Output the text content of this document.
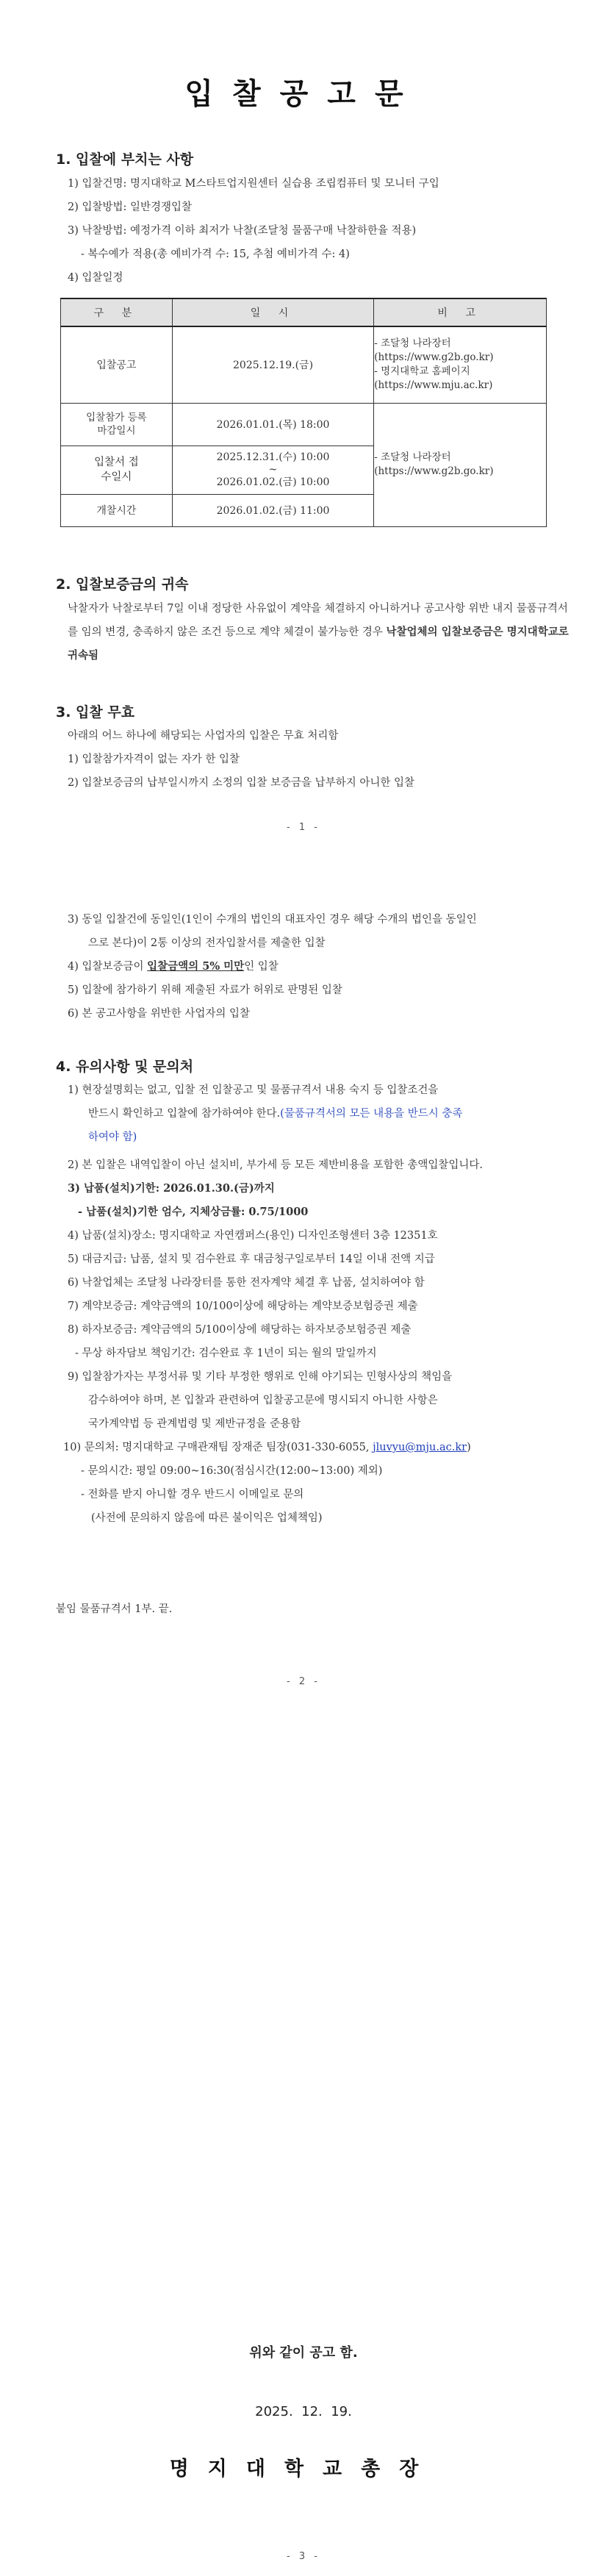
입찰공고문
1. 입찰에 부치는 사항
1) 입찰건명: 명지대학교 M스타트업지원센터 실습용 조립컴퓨터 및 모니터 구입
2) 입찰방법: 일반경쟁입찰
3) 낙찰방법: 예정가격 이하 최저가 낙찰(조달청 물품구매 낙찰하한율 적용)
- 복수예가 적용(총 예비가격 수: 15, 추첨 예비가격 수: 4)
4) 입찰일정
구 분	일 시	비 고
입찰공고	2025.12.19.(금)	- 조달청 나라장터
(https://www.g2b.go.kr)
- 명지대학교 홈페이지
(https://www.mju.ac.kr)

입찰참가 등록마감일시	2026.01.01.(목) 18:00	- 조달청 나라장터
(https://www.g2b.go.kr)

입찰서 접수일시	2025.12.31.(수) 10:00
~
2026.01.02.(금) 10:00	

개찰시간	2026.01.02.(금) 11:00	
2. 입찰보증금의 귀속
낙찰자가 낙찰로부터 7일 이내 정당한 사유없이 계약을 체결하지 아니하거나 공고사항 위반 내지 물품규격서를 임의 변경, 충족하지 않은 조건 등으로 계약 체결이 불가능한 경우 낙찰업체의 입찰보증금은 명지대학교로 귀속됨
3. 입찰 무효
아래의 어느 하나에 해당되는 사업자의 입찰은 무효 처리함
1) 입찰참가자격이 없는 자가 한 입찰
2) 입찰보증금의 납부일시까지 소정의 입찰 보증금을 납부하지 아니한 입찰
- 1 -
3) 동일 입찰건에 동일인(1인이 수개의 법인의 대표자인 경우 해당 수개의 법인을 동일인
으로 본다)이 2통 이상의 전자입찰서를 제출한 입찰
4) 입찰보증금이 입찰금액의 5% 미만인 입찰
5) 입찰에 참가하기 위해 제출된 자료가 허위로 판명된 입찰
6) 본 공고사항을 위반한 사업자의 입찰
4. 유의사항 및 문의처
1) 현장설명회는 없고, 입찰 전 입찰공고 및 물품규격서 내용 숙지 등 입찰조건을
반드시 확인하고 입찰에 참가하여야 한다.(물품규격서의 모든 내용을 반드시 충족
하여야 함)
2) 본 입찰은 내역입찰이 아닌 설치비, 부가세 등 모든 제반비용을 포함한 총액입찰입니다.
3) 납품(설치)기한: 2026.01.30.(금)까지
- 납품(설치)기한 엄수, 지체상금률: 0.75/1000
4) 납품(설치)장소: 명지대학교 자연캠퍼스(용인) 디자인조형센터 3층 12351호
5) 대금지급: 납품, 설치 및 검수완료 후 대금청구일로부터 14일 이내 전액 지급
6) 낙찰업체는 조달청 나라장터를 통한 전자계약 체결 후 납품, 설치하여야 함
7) 계약보증금: 계약금액의 10/100이상에 해당하는 계약보증보험증권 제출
8) 하자보증금: 계약금액의 5/100이상에 해당하는 하자보증보험증권 제출
- 무상 하자담보 책임기간: 검수완료 후 1년이 되는 월의 말일까지
9) 입찰참가자는 부정서류 및 기타 부정한 행위로 인해 야기되는 민형사상의 책임을
감수하여야 하며, 본 입찰과 관련하여 입찰공고문에 명시되지 아니한 사항은
국가계약법 등 관계법령 및 제반규정을 준용함
10) 문의처: 명지대학교 구매관재팀 장재준 팀장(031-330-6055, jluvyu@mju.ac.kr)
- 문의시간: 평일 09:00~16:30(점심시간(12:00~13:00) 제외)
- 전화를 받지 아니할 경우 반드시 이메일로 문의
(사전에 문의하지 않음에 따른 불이익은 업체책임)
붙임 물품규격서 1부. 끝.
- 2 -
위와 같이 공고 함.
2025.  12.  19.
명지대학교총장
- 3 -
